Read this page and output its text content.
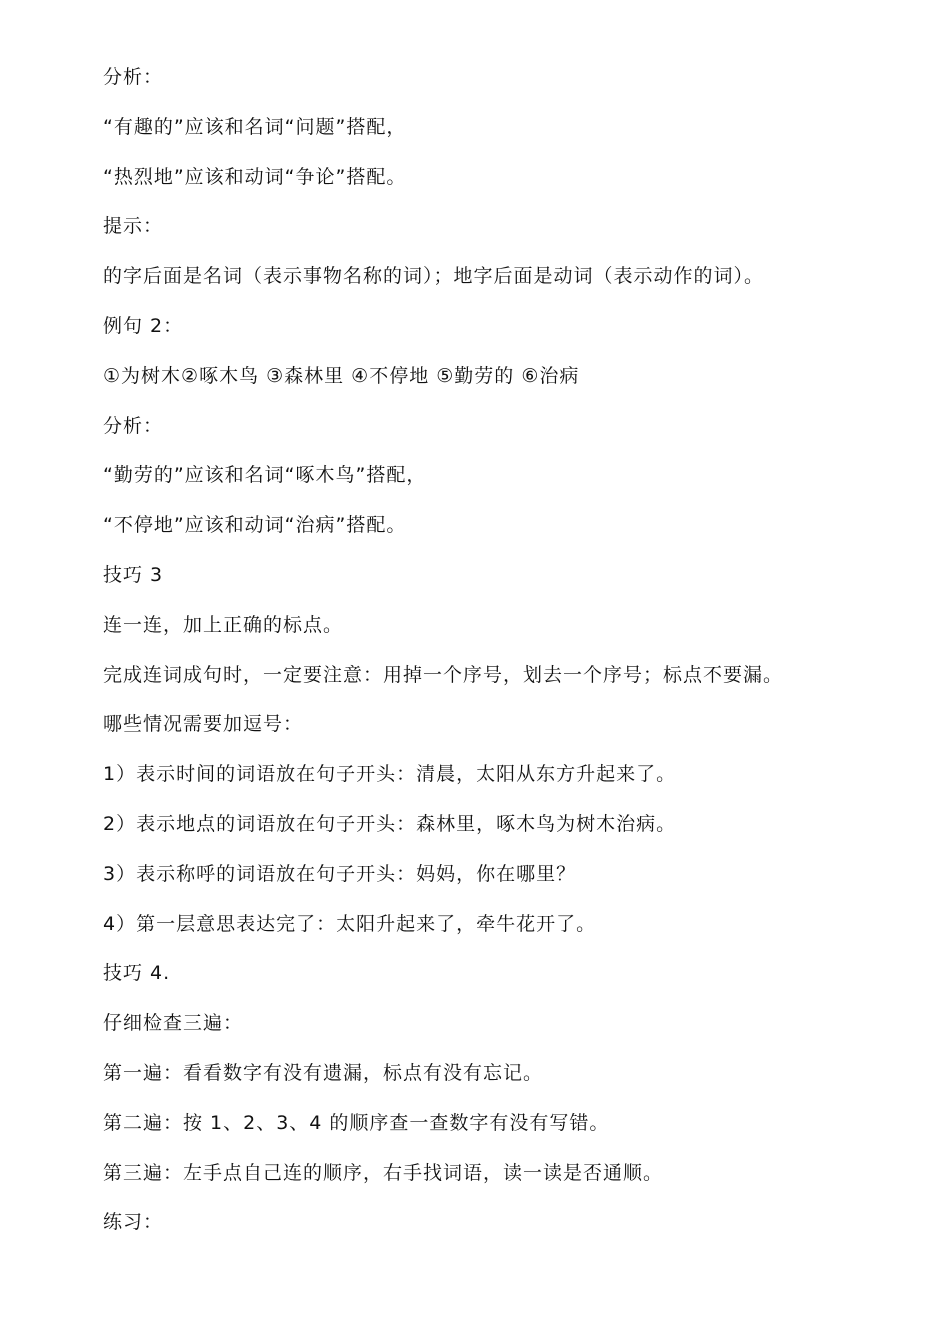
分析：
“有趣的”应该和名词“问题”搭配，
“热烈地”应该和动词“争论”搭配。
提示：
的字后面是名词（表示事物名称的词）；地字后面是动词（表示动作的词）。
例句 2：
①为树木②啄木鸟 ③森林里 ④不停地 ⑤勤劳的 ⑥治病
分析：
“勤劳的”应该和名词“啄木鸟”搭配，
“不停地”应该和动词“治病”搭配。
技巧 3
连一连，加上正确的标点。
完成连词成句时，一定要注意：用掉一个序号，划去一个序号；标点不要漏。
哪些情况需要加逗号：
1）表示时间的词语放在句子开头：清晨，太阳从东方升起来了。
2）表示地点的词语放在句子开头：森林里，啄木鸟为树木治病。
3）表示称呼的词语放在句子开头：妈妈，你在哪里？
4）第一层意思表达完了：太阳升起来了，牵牛花开了。
技巧 4.
仔细检查三遍：
第一遍：看看数字有没有遗漏，标点有没有忘记。
第二遍：按 1、2、3、4 的顺序查一查数字有没有写错。
第三遍：左手点自己连的顺序，右手找词语，读一读是否通顺。
练习：
